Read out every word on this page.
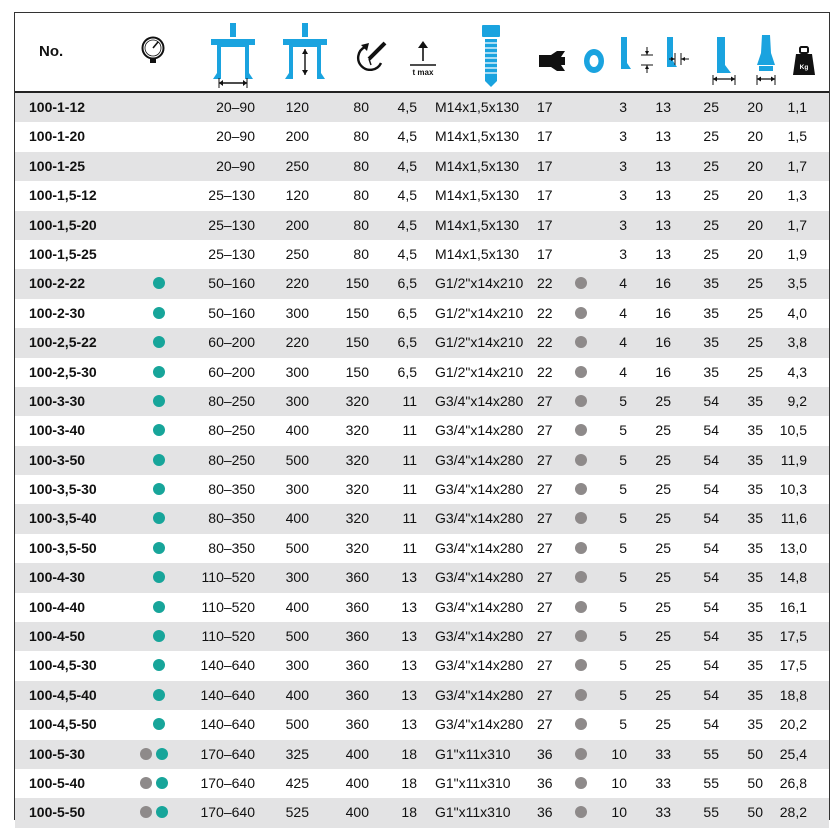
No.
t max
Kg
100-1-12	20–90	120	80	4,5 M14x1,5x130	17	3	13	25	20	1,1
100-1-20	20–90	200	80	4,5 M14x1,5x130	17	3	13	25	20	1,5
100-1-25	20–90	250	80	4,5 M14x1,5x130	17	3	13	25	20	1,7
100-1,5-12	25–130	120	80	4,5 M14x1,5x130	17	3	13	25	20	1,3
100-1,5-20	25–130	200	80	4,5 M14x1,5x130	17	3	13	25	20	1,7
100-1,5-25	25–130	250	80	4,5 M14x1,5x130	17	3	13	25	20	1,9
100-2-22	50–160	220	150	6,5 G1/2"x14x210 22	4	16	35	25	3,5
100-2-30	50–160	300	150	6,5 G1/2"x14x210 22	4	16	35	25	4,0
100-2,5-22	60–200	220	150	6,5 G1/2"x14x210 22	4	16	35	25	3,8
100-2,5-30	60–200	300	150	6,5 G1/2"x14x210 22	4	16	35	25	4,3
100-3-30	80–250	300	320	11 G3/4"x14x280 27	5	25	54	35	9,2
100-3-40	80–250	400	320	11 G3/4"x14x280 27	5	25	54	35 10,5
100-3-50	80–250	500	320	11 G3/4"x14x280 27	5	25	54	35 11,9
100-3,5-30	80–350	300	320	11 G3/4"x14x280 27	5	25	54	35 10,3
100-3,5-40	80–350	400	320	11 G3/4"x14x280 27	5	25	54	35 11,6
100-3,5-50	80–350	500	320	11 G3/4"x14x280 27	5	25	54	35 13,0
100-4-30	110–520	300	360	13 G3/4"x14x280 27	5	25	54	35 14,8
100-4-40	110–520	400	360	13 G3/4"x14x280 27	5	25	54	35 16,1
100-4-50	110–520	500	360	13 G3/4"x14x280 27	5	25	54	35 17,5
100-4,5-30	140–640	300	360	13 G3/4"x14x280 27	5	25	54	35 17,5
100-4,5-40	140–640	400	360	13 G3/4"x14x280 27	5	25	54	35 18,8
100-4,5-50	140–640	500	360	13 G3/4"x14x280 27	5	25	54	35 20,2
100-5-30	170–640	325	400	18 G1"x11x310	36	10	33	55	50 25,4
100-5-40	170–640	425	400	18 G1"x11x310	36	10	33	55	50 26,8
100-5-50	170–640	525	400	18 G1"x11x310	36	10	33	55	50 28,2
